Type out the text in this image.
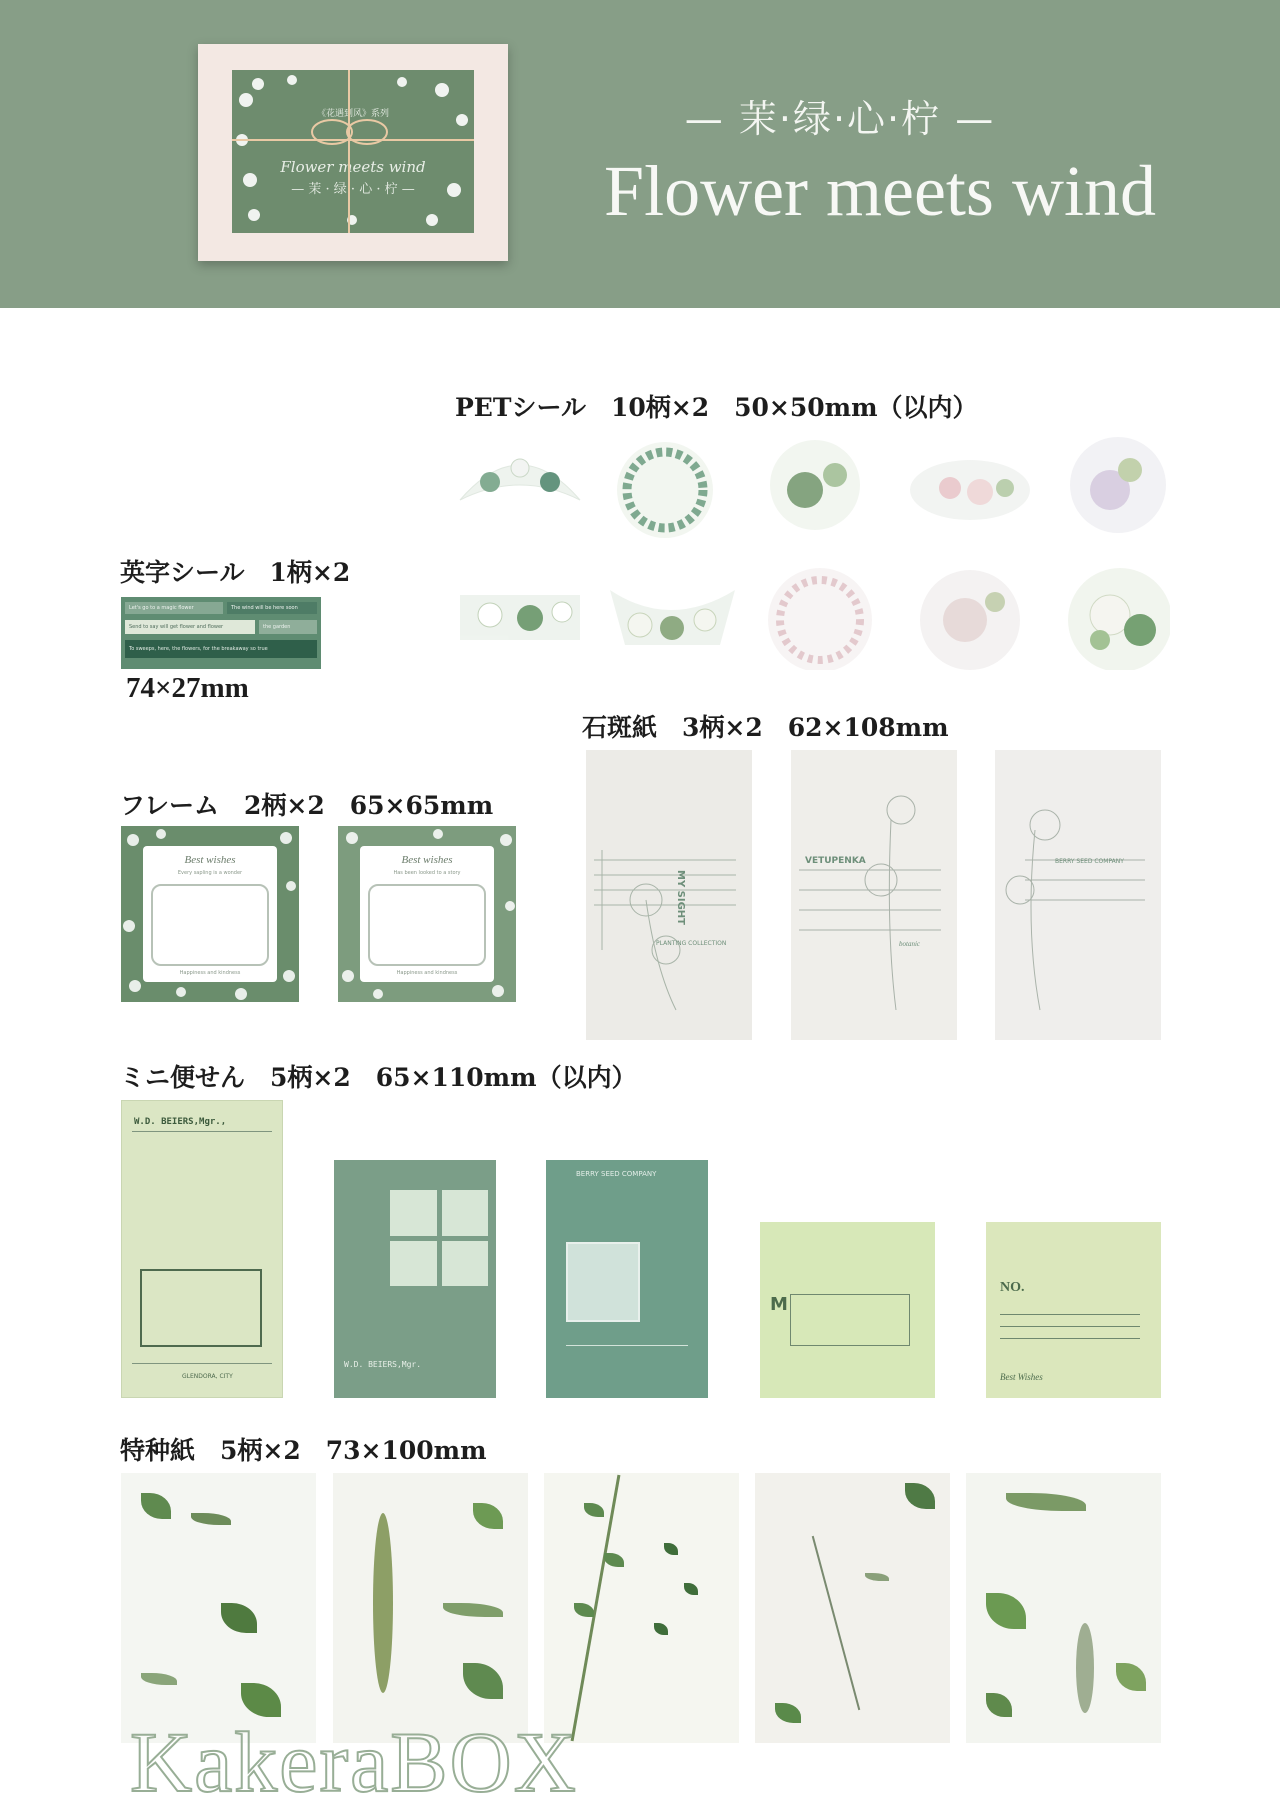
《花遇到风》系列
Flower meets wind
— 茉 · 绿 · 心 · 柠 —
— 茉·绿·心·柠 —
Flower meets wind
PETシール　10柄×2　50×50mm（以内）
英字シール　1柄×2
Let's go to a magic flower	The wind will be here soon
Send to say will get flower and flower	the garden
To sweeps, here, the flowers, for the breakaway so true
74×27mm
フレーム　2柄×2　65×65mm
Best wishes
Every sapling is a wonder
Happiness and kindness
Best wishes
Has been looked to a story
Happiness and kindness
石斑紙　3柄×2　62×108mm
MY SIGHT
PLANTING COLLECTION
VETUPENKA
botanic
BERRY SEED COMPANY
ミニ便せん　5柄×2　65×110mm（以内）
W.D. BEIERS,Mgr.,
GLENDORA, CITY
W.D. BEIERS,Mgr.
BERRY SEED COMPANY
M
NO.
Best Wishes
特种紙　5柄×2　73×100mm
KakeraBOX
